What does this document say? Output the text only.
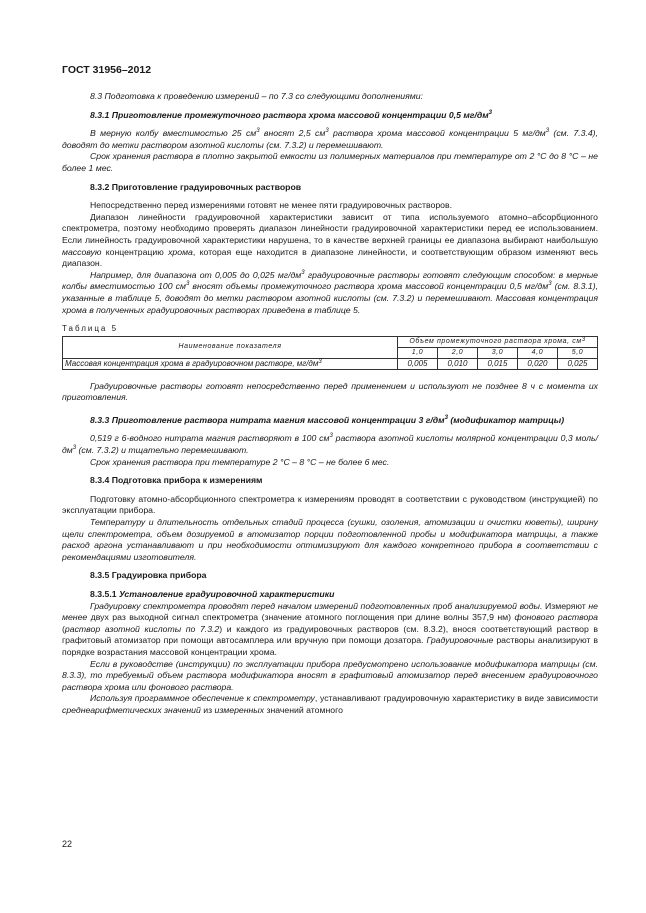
ГОСТ 31956–2012

8.3 Подготовка к проведению измерений – по 7.3 со следующими дополнениями:

8.3.1 Приготовление промежуточного раствора хрома массовой концентрации 0,5 $мг/дм^3$

В мерную колбу вместимостью 25 $см^3$ вносят 2,5 $см^3$ раствора хрома массовой концентрации 5 $мг/дм^3$ (см. 7.3.4), доводят до метки раствором азотной кислоты (см. 7.3.2) и перемешивают.

Срок хранения раствора в плотно закрытой емкости из полимерных материалов при температуре от 2 °С до 8 °С – не более 1 мес.

8.3.2 Приготовление градуировочных растворов

Непосредственно перед измерениями готовят не менее пяти градуировочных растворов.

Диапазон линейности градуировочной характеристики зависит от типа используемого атомно–абсорбционного спектрометра, поэтому необходимо проверять диапазон линейности градуировочной характеристики перед ее использованием. Если линейность градуировочной характеристики нарушена, то в качестве верхней границы ее диапазона выбирают наибольшую массовую концентрацию хрома, которая еще находится в диапазоне линейности, и соответствующим образом изменяют весь диапазон.

Например, для диапазона от 0,005 до 0,025 $мг/дм^3$ градуировочные растворы готовят следующим способом: в мерные колбы вместимостью 100 $см^3$ вносят объемы промежуточного раствора хрома массовой концентрации 0,5 $мг/дм^3$ (см. 8.3.1), указанные в таблице 5, доводят до метки раствором азотной кислоты (см. 7.3.2) и перемешивают. Массовая концентрация хрома в полученных градуировочных растворах приведена в таблице 5.

Таблица 5
Наименование показателя	Объем промежуточного раствора хрома, $см^3$
	1,0	2,0	3,0	4,0	5,0
Массовая концентрация хрома в градуировочном растворе, $мг/дм^3$	0,005	0,010	0,015	0,020	0,025

Градуировочные растворы готовят непосредственно перед применением и используют не позднее 8 ч с момента их приготовления.

8.3.3 Приготовление раствора нитрата магния массовой концентрации 3 $г/дм^3$ (модификатор матрицы)

0,519 г 6-водного нитрата магния растворяют в 100 $см^3$ раствора азотной кислоты молярной концентрации 0,3 моль/$дм^3$ (см. 7.3.2) и тщательно перемешивают.

Срок хранения раствора при температуре 2 °С – 8 °С – не более 6 мес.

8.3.4 Подготовка прибора к измерениям

Подготовку атомно-абсорбционного спектрометра к измерениям проводят в соответствии с руководством (инструкцией) по эксплуатации прибора.

Температуру и длительность отдельных стадий процесса (сушки, озоления, атомизации и очистки кюветы), ширину щели спектрометра, объем дозируемой в атомизатор порции подготовленной пробы и модификатора матрицы, а также расход аргона устанавливают и при необходимости оптимизируют для каждого конкретного прибора в соответствии с рекомендациями изготовителя.

8.3.5 Градуировка прибора

8.3.5.1 Установление градуировочной характеристики

Градуировку спектрометра проводят перед началом измерений подготовленных проб анализируемой воды. Измеряют не менее двух раз выходной сигнал спектрометра (значение атомного поглощения при длине волны 357,9 нм) фонового раствора (раствор азотной кислоты по 7.3.2) и каждого из градуировочных растворов (см. 8.3.2), внося соответствующий раствор в графитовый атомизатор при помощи автосамплера или вручную при помощи дозатора. Градуировочные растворы анализируют в порядке возрастания массовой концентрации хрома.

Если в руководстве (инструкции) по эксплуатации прибора предусмотрено использование модификатора матрицы (см. 8.3.3), то требуемый объем раствора модификатора вносят в графитовый атомизатор перед внесением градуировочного раствора хрома или фонового раствора.

Используя программное обеспечение к спектрометру, устанавливают градуировочную характеристику в виде зависимости среднеарифметических значений из измеренных значений атомного

22
